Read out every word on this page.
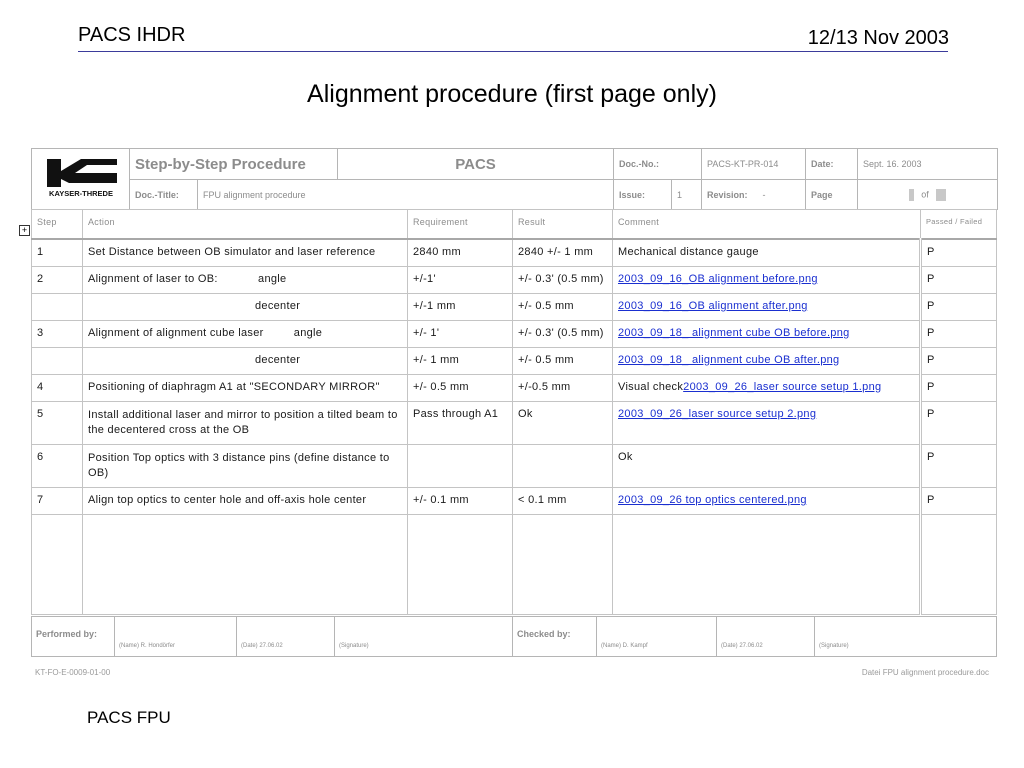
PACS IHDR	12/13 Nov 2003
Alignment procedure (first page only)
+
KAYSER-THREDE	Step-by-Step Procedure		PACS	Doc.-No.:		PACS-KT-PR-014	Date:	Sept. 16. 2003
	Doc.-Title:	FPU alignment procedure		Issue:	1	Revision: -	Page	of
Step	Action	Requirement	Result	Comment	Passed / Failed
1	Set Distance between OB simulator and laser reference	2840 mm	2840 +/- 1 mm	Mechanical distance gauge	P
2	Alignment of laser to OB:            angle	+/-1'	+/- 0.3' (0.5 mm)	2003_09_16_OB alignment before.png	P
	decenter	+/-1 mm	+/- 0.5 mm	2003_09_16_OB alignment after.png	P
3	Alignment of alignment cube laser         angle	+/- 1'	+/- 0.3' (0.5 mm)	2003_09_18_ alignment cube OB before.png	P
	decenter	+/- 1 mm	+/- 0.5 mm	2003_09_18_ alignment cube OB after.png	P
4	Positioning of diaphragm A1 at "SECONDARY MIRROR"	+/- 0.5 mm	+/-0.5 mm	Visual check2003_09_26_laser source setup 1.png	P
5	Install additional laser and mirror to position a tilted beam to the decentered cross at the OB	Pass through A1	Ok	2003_09_26_laser source setup 2.png	P
6	Position Top optics with 3 distance pins (define distance to OB)			Ok	P
7	Align top optics to center hole and off-axis hole center	+/- 0.1 mm	< 0.1 mm	2003_09_26 top optics centered.png	P

Performed by:	(Name) R. Hondörfer	(Date) 27.06.02	(Signature)	Checked by:	(Name) D. Kampf	(Date) 27.06.02	(Signature)
KT-FO-E-0009-01-00	Datei FPU alignment procedure.doc
PACS FPU
